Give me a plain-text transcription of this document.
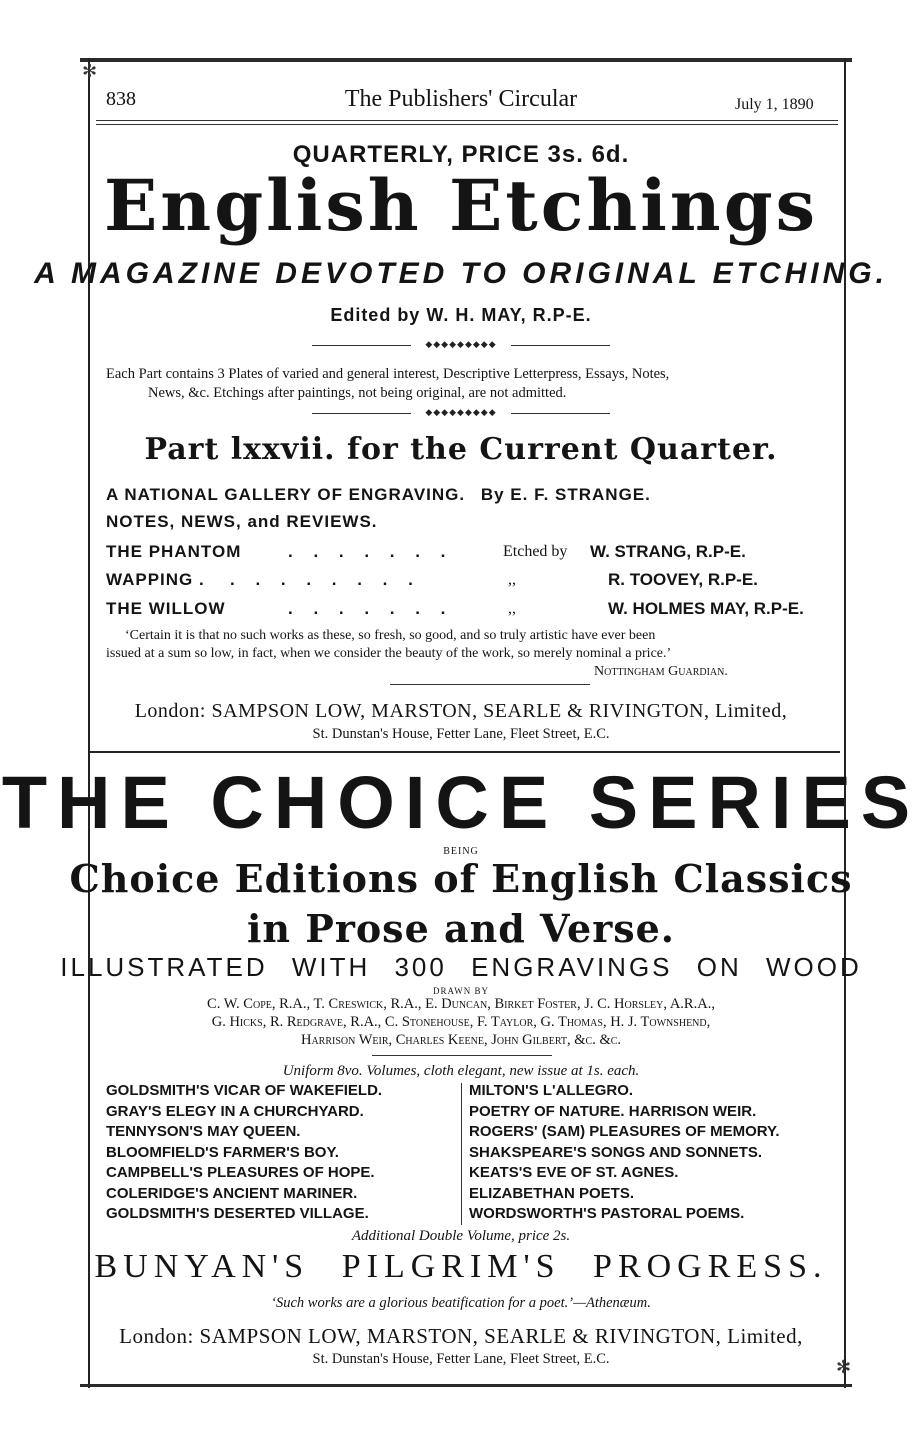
✻
✻
838	The Publishers' Circular	July 1, 1890
QUARTERLY, PRICE 3s. 6d.
English Etchings
A MAGAZINE DEVOTED TO ORIGINAL ETCHING.
Edited by W. H. MAY, R.P-E.
◆◆◆◆◆◆◆◆◆
Each Part contains 3 Plates of varied and general interest, Descriptive Letterpress, Essays, Notes,
News, &c. Etchings after paintings, not being original, are not admitted.
◆◆◆◆◆◆◆◆◆
Part lxxvii. for the Current Quarter.
A NATIONAL GALLERY OF ENGRAVING. By E. F. STRANGE.
NOTES, NEWS, and REVIEWS.
THE PHANTOM	. . . . . . .	Etched by W. STRANG, R.P-E.
WAPPING . . . . . . . . .	,,	R. TOOVEY, R.P-E.
THE WILLOW	. . . . . . .	,,	W. HOLMES MAY, R.P-E.
‘Certain it is that no such works as these, so fresh, so good, and so truly artistic have ever been
issued at a sum so low, in fact, when we consider the beauty of the work, so merely nominal a price.’
Nottingham Guardian.
London: SAMPSON LOW, MARSTON, SEARLE & RIVINGTON, Limited,
St. Dunstan's House, Fetter Lane, Fleet Street, E.C.
THE CHOICE SERIES
BEING
Choice Editions of English Classics
in Prose and Verse.
ILLUSTRATED WITH 300 ENGRAVINGS ON WOOD
DRAWN BY
C. W. Cope, R.A., T. Creswick, R.A., E. Duncan, Birket Foster, J. C. Horsley, A.R.A.,
G. Hicks, R. Redgrave, R.A., C. Stonehouse, F. Taylor, G. Thomas, H. J. Townshend,
Harrison Weir, Charles Keene, John Gilbert, &c. &c.
Uniform 8vo. Volumes, cloth elegant, new issue at 1s. each.
GOLDSMITH'S VICAR OF WAKEFIELD.
GRAY'S ELEGY IN A CHURCHYARD.
TENNYSON'S MAY QUEEN.
BLOOMFIELD'S FARMER'S BOY.
CAMPBELL'S PLEASURES OF HOPE.
COLERIDGE'S ANCIENT MARINER.
GOLDSMITH'S DESERTED VILLAGE.
MILTON'S L'ALLEGRO.
POETRY OF NATURE. HARRISON WEIR.
ROGERS' (SAM) PLEASURES OF MEMORY.
SHAKSPEARE'S SONGS AND SONNETS.
KEATS'S EVE OF ST. AGNES.
ELIZABETHAN POETS.
WORDSWORTH'S PASTORAL POEMS.
Additional Double Volume, price 2s.
BUNYAN'S PILGRIM'S PROGRESS.
‘Such works are a glorious beatification for a poet.’—Athenæum.
London: SAMPSON LOW, MARSTON, SEARLE & RIVINGTON, Limited,
St. Dunstan's House, Fetter Lane, Fleet Street, E.C.
